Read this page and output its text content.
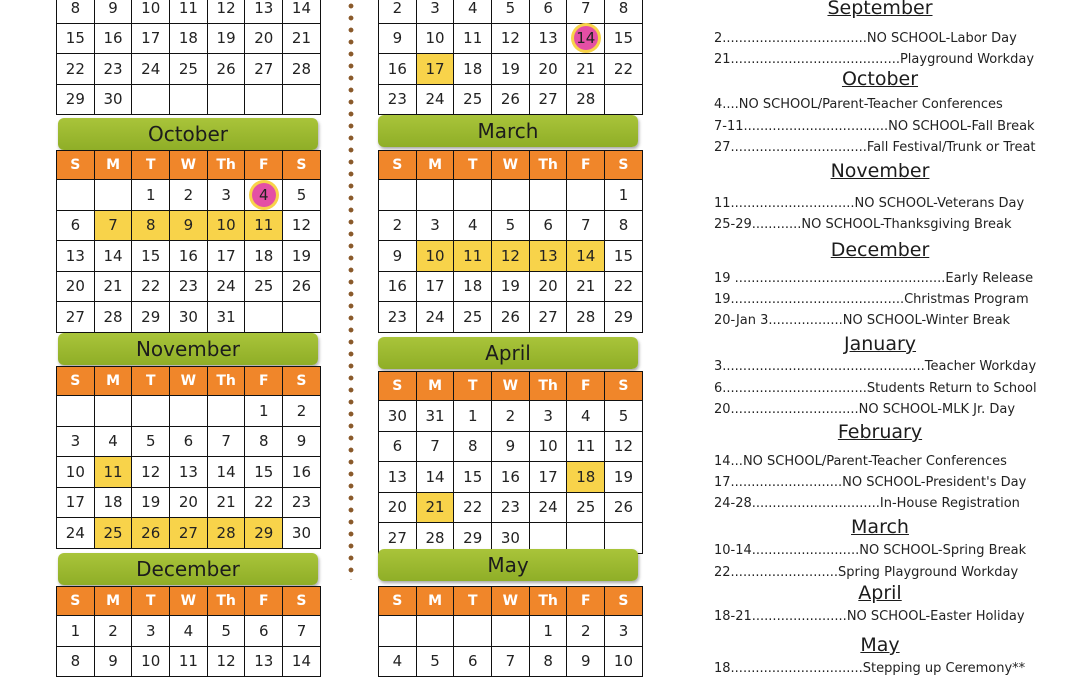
8	9	10	11	12	13	14
15	16	17	18	19	20	21
22	23	24	25	26	27	28
29	30					
2	3	4	5	6	7	8
9	10	11	12	13	14	15
16	17	18	19	20	21	22
23	24	25	26	27	28	
October
S	M	T	W	Th	F	S
		1	2	3	4	5
6	7	8	9	10	11	12
13	14	15	16	17	18	19
20	21	22	23	24	25	26
27	28	29	30	31		
March
S	M	T	W	Th	F	S
						1
2	3	4	5	6	7	8
9	10	11	12	13	14	15
16	17	18	19	20	21	22
23	24	25	26	27	28	29
November
S	M	T	W	Th	F	S
					1	2
3	4	5	6	7	8	9
10	11	12	13	14	15	16
17	18	19	20	21	22	23
24	25	26	27	28	29	30
April
S	M	T	W	Th	F	S
30	31	1	2	3	4	5
6	7	8	9	10	11	12
13	14	15	16	17	18	19
20	21	22	23	24	25	26
27	28	29	30			
December
S	M	T	W	Th	F	S
1	2	3	4	5	6	7
8	9	10	11	12	13	14
May
S	M	T	W	Th	F	S
				1	2	3
4	5	6	7	8	9	10
September
2...................................NO SCHOOL-Labor Day
21.........................................Playground Workday
October
4....NO SCHOOL/Parent-Teacher Conferences
7-11...................................NO SCHOOL-Fall Break
27.................................Fall Festival/Trunk or Treat
November
11..............................NO SCHOOL-Veterans Day
25-29............NO SCHOOL-Thanksgiving Break
December
19 ...................................................Early Release
19..........................................Christmas Program
20-Jan 3..................NO SCHOOL-Winter Break
January
3.................................................Teacher Workday
6...................................Students Return to School
20...............................NO SCHOOL-MLK Jr. Day
February
14...NO SCHOOL/Parent-Teacher Conferences
17...........................NO SCHOOL-President's Day
24-28...............................In-House Registration
March
10-14..........................NO SCHOOL-Spring Break
22..........................Spring Playground Workday
April
18-21.......................NO SCHOOL-Easter Holiday
May
18................................Stepping up Ceremony**
